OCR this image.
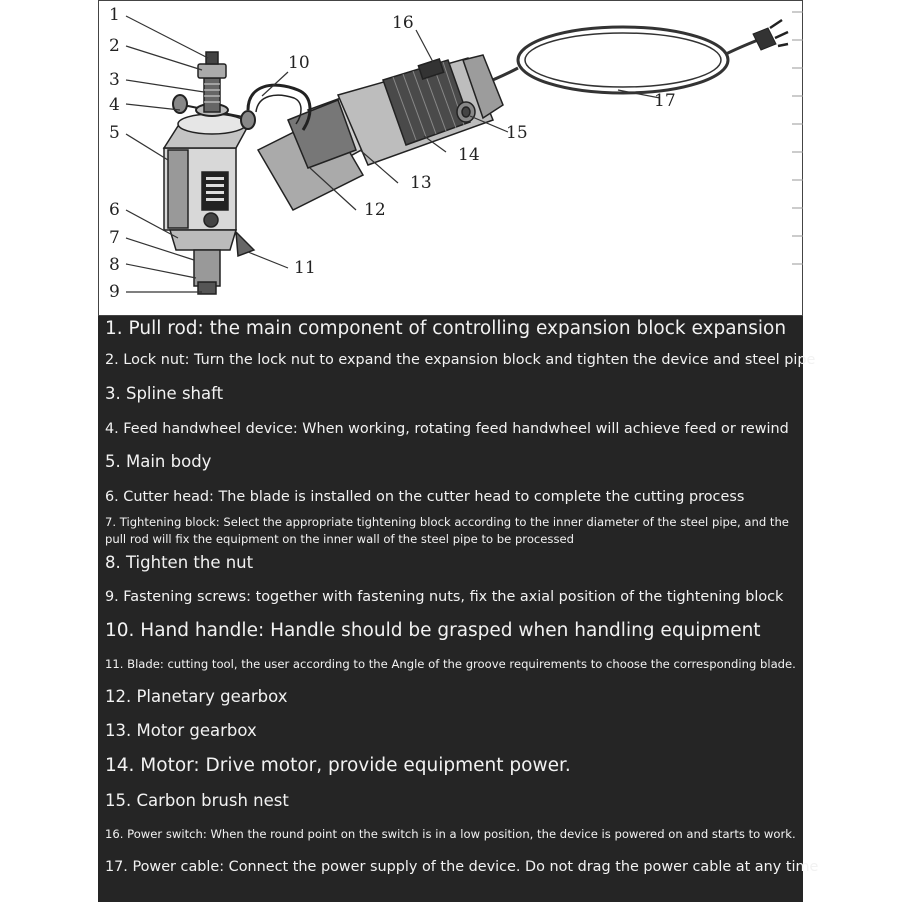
1
2
3
4
5
6
7
8
9
10
11
12
13
14
15
16
17
1. Pull rod: the main component of controlling expansion block expansion
2. Lock nut: Turn the lock nut to expand the expansion block and tighten the device and steel pipe
3. Spline shaft
4. Feed handwheel device: When working, rotating feed handwheel will achieve feed or rewind
5. Main body
6. Cutter head: The blade is installed on the cutter head to complete the cutting process
7. Tightening block: Select the appropriate tightening block according to the inner diameter of the steel pipe, and the pull rod will fix the equipment on the inner wall of the steel pipe to be processed
8. Tighten the nut
9. Fastening screws: together with fastening nuts, fix the axial position of the tightening block
10. Hand handle: Handle should be grasped when handling equipment
11. Blade: cutting tool, the user according to the Angle of the groove requirements to choose the corresponding blade.
12. Planetary gearbox
13. Motor gearbox
14. Motor: Drive motor, provide equipment power.
15. Carbon brush nest
16. Power switch: When the round point on the switch is in a low position, the device is powered on and starts to work.
17. Power cable: Connect the power supply of the device. Do not drag the power cable at any time
